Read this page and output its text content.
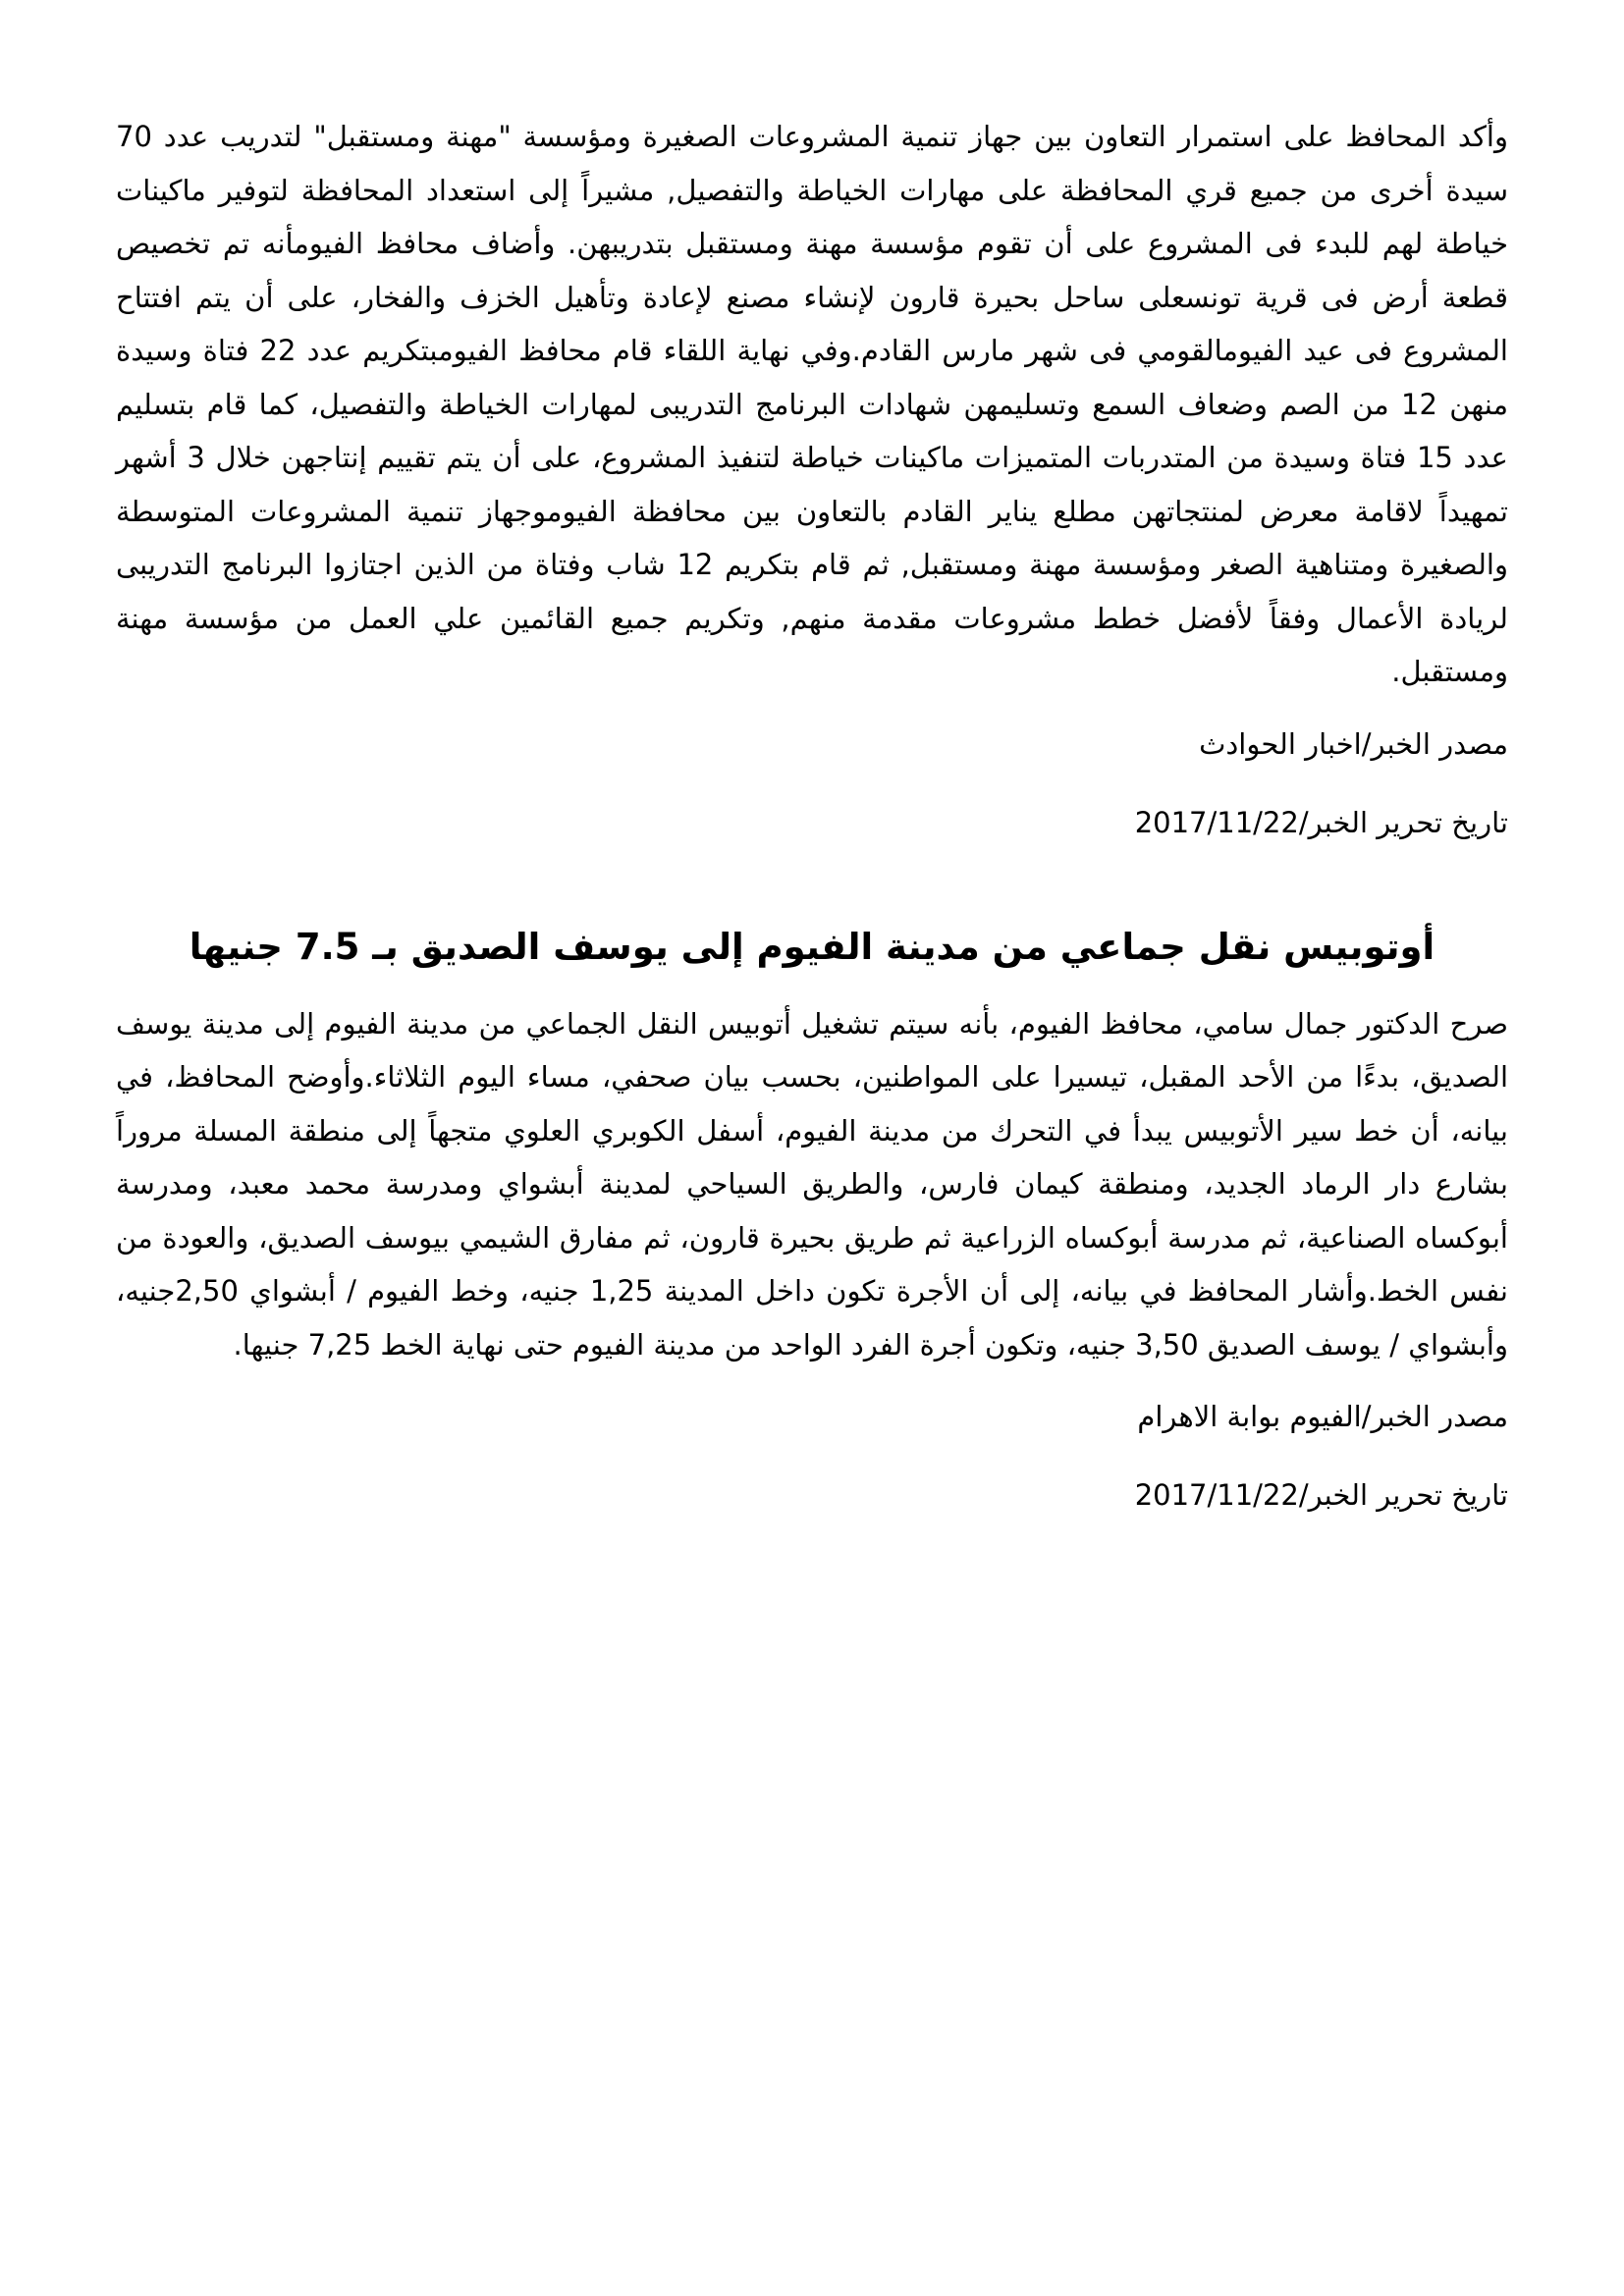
وأكد المحافظ على استمرار التعاون بين جهاز تنمية المشروعات الصغيرة ومؤسسة "مهنة ومستقبل" لتدريب عدد 70 سيدة أخرى من جميع قري المحافظة على مهارات الخياطة والتفصيل, مشيراً إلى استعداد المحافظة لتوفير ماكينات خياطة لهم للبدء فى المشروع على أن تقوم مؤسسة مهنة ومستقبل بتدريبهن. وأضاف محافظ الفيومأنه تم تخصيص قطعة أرض فى قرية تونسعلى ساحل بحيرة قارون لإنشاء مصنع لإعادة وتأهيل الخزف والفخار، على أن يتم افتتاح المشروع فى عيد الفيومالقومي فى شهر مارس القادم.وفي نهاية اللقاء قام محافظ الفيومبتكريم عدد 22 فتاة وسيدة منهن 12 من الصم وضعاف السمع وتسليمهن شهادات البرنامج التدريبى لمهارات الخياطة والتفصيل، كما قام بتسليم عدد 15 فتاة وسيدة من المتدربات المتميزات ماكينات خياطة لتنفيذ المشروع، على أن يتم تقييم إنتاجهن خلال 3 أشهر تمهيداً لاقامة معرض لمنتجاتهن مطلع يناير القادم بالتعاون بين محافظة الفيوموجهاز تنمية المشروعات المتوسطة والصغيرة ومتناهية الصغر ومؤسسة مهنة ومستقبل, ثم قام بتكريم 12 شاب وفتاة من الذين اجتازوا البرنامج التدريبى لريادة الأعمال وفقاً لأفضل خطط مشروعات مقدمة منهم, وتكريم جميع القائمين علي العمل من مؤسسة مهنة ومستقبل.

مصدر الخبر/اخبار الحوادث

تاريخ تحرير الخبر/2017/11/22

أوتوبيس نقل جماعي من مدينة الفيوم إلى يوسف الصديق بـ 7.5 جنيها

صرح الدكتور جمال سامي، محافظ الفيوم، بأنه سيتم تشغيل أتوبيس النقل الجماعي من مدينة الفيوم إلى مدينة يوسف الصديق، بدءًا من الأحد المقبل، تيسيرا على المواطنين، بحسب بيان صحفي، مساء اليوم الثلاثاء.وأوضح المحافظ، في بيانه، أن خط سير الأتوبيس يبدأ في التحرك من مدينة الفيوم، أسفل الكوبري العلوي متجهاً إلى منطقة المسلة مروراً بشارع دار الرماد الجديد، ومنطقة كيمان فارس، والطريق السياحي لمدينة أبشواي ومدرسة محمد معبد، ومدرسة أبوكساه الصناعية، ثم مدرسة أبوكساه الزراعية ثم طريق بحيرة قارون، ثم مفارق الشيمي بيوسف الصديق، والعودة من نفس الخط.وأشار المحافظ في بيانه، إلى أن الأجرة تكون داخل المدينة 1,25 جنيه، وخط الفيوم / أبشواي 2,50جنيه، وأبشواي / يوسف الصديق 3,50 جنيه، وتكون أجرة الفرد الواحد من مدينة الفيوم حتى نهاية الخط 7,25 جنيها.

مصدر الخبر/الفيوم بوابة الاهرام

تاريخ تحرير الخبر/2017/11/22
